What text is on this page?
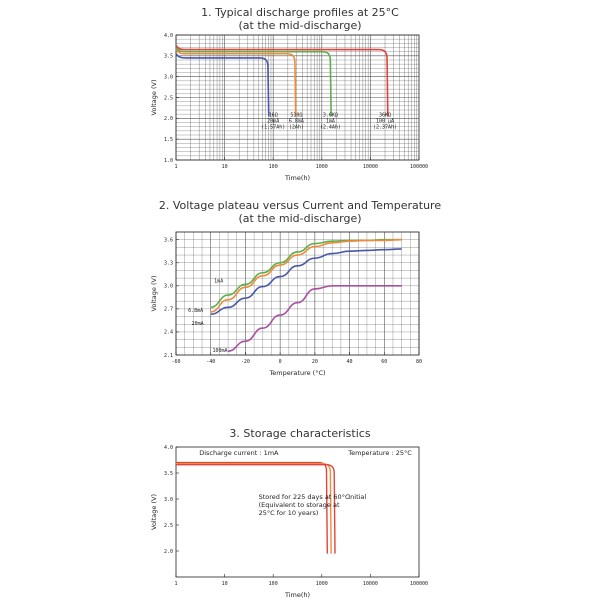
1. Typical discharge profiles at 25°C
(at the mid-discharge)
2. Voltage plateau versus Current and Temperature
(at the mid-discharge)
3. Storage characteristics
1	10	100	1000	10000	100000
1.0
1.5
2.0
2.5
3.0
3.5
4.0
Time(h)
Voltage (V)	16Ω
20mA
(1.57Ah)
510Ω
6.8mA
(2Ah)
3.6KΩ
1mA
(2.4Ah)
36KΩ
100 μA
(2.37Ah)
-60	-40	-20	0	20	40	60	80
2.1
2.4
2.7
3.0
3.3
3.6
Temperature (°C)
Voltage (V)	1mA
6.8mA
20mA
100mA
1	10	100	1000	10000	100000
2.0
2.5
3.0
3.5
4.0
Time(h)
Voltage (V)
Discharge current : 1mA	Temperature : 25°C
Stored for 225 days at 60°C
(Equivalent to storage at
25°C for 10 years)
Initial
